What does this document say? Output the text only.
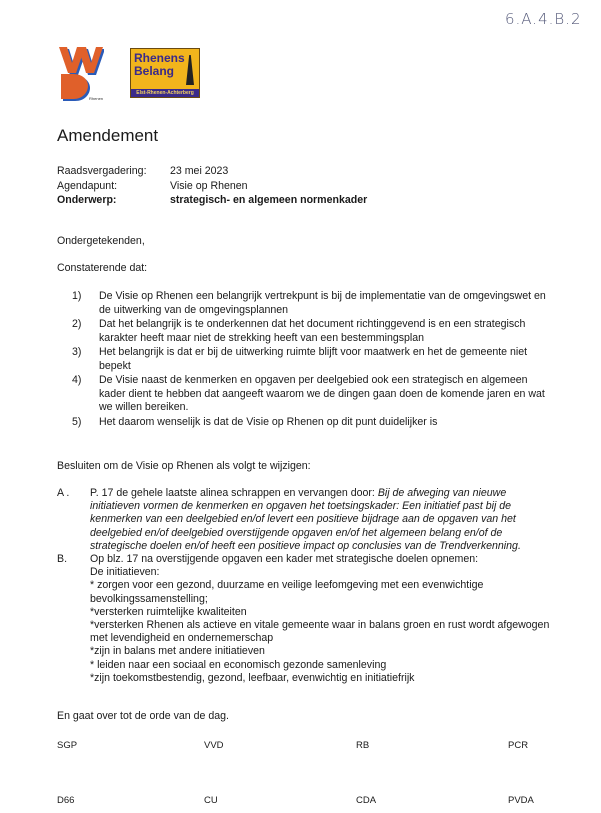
6.A.4.B.2
Rhenen
Rhenens
Belang
Elst-Rhenen-Achterberg
Amendement
Raadsvergadering:	23 mei 2023
Agendapunt:	Visie op Rhenen
Onderwerp:	strategisch- en algemeen normenkader
Ondergetekenden,
Constaterende dat:
1)	De Visie op Rhenen een belangrijk vertrekpunt is bij de implementatie van de omgevingswet en de uitwerking van de omgevingsplannen
2)	Dat het belangrijk is te onderkennen dat het document richtinggevend is en een strategisch karakter heeft maar niet de strekking heeft van een bestemmingsplan
3)	Het belangrijk is dat er bij de uitwerking ruimte blijft voor maatwerk en het de gemeente niet bepekt
4)	De Visie naast de kenmerken en opgaven per deelgebied ook een strategisch en algemeen kader dient te hebben dat aangeeft waarom we de dingen gaan doen de komende jaren en wat we willen bereiken.
5)	Het daarom wenselijk is dat de Visie op Rhenen op dit punt duidelijker is
Besluiten om de Visie op Rhenen als volgt te wijzigen:
A .	P. 17 de gehele laatste alinea schrappen en vervangen door: Bij de afweging van nieuwe initiatieven vormen de kenmerken en opgaven het toetsingskader: Een initiatief past bij de kenmerken van een deelgebied en/of levert een positieve bijdrage aan de opgaven van het deelgebied en/of deelgebied overstijgende opgaven en/of het algemeen belang en/of de strategische doelen en/of heeft een positieve impact op conclusies van de Trendverkenning.
B.	Op blz. 17 na overstijgende opgaven een kader met strategische doelen opnemen:
De initiatieven:
* zorgen voor een gezond, duurzame en veilige leefomgeving met een evenwichtige bevolkingssamenstelling;
*versterken ruimtelijke kwaliteiten
*versterken Rhenen als actieve en vitale gemeente waar in balans groen en rust wordt afgewogen met levendigheid en ondernemerschap
*zijn in balans met andere initiatieven
* leiden naar een sociaal en economisch gezonde samenleving
*zijn toekomstbestendig, gezond, leefbaar, evenwichtig en initiatiefrijk
En gaat over tot de orde van de dag.
SGP	VVD	RB	PCR
D66	CU	CDA	PVDA
